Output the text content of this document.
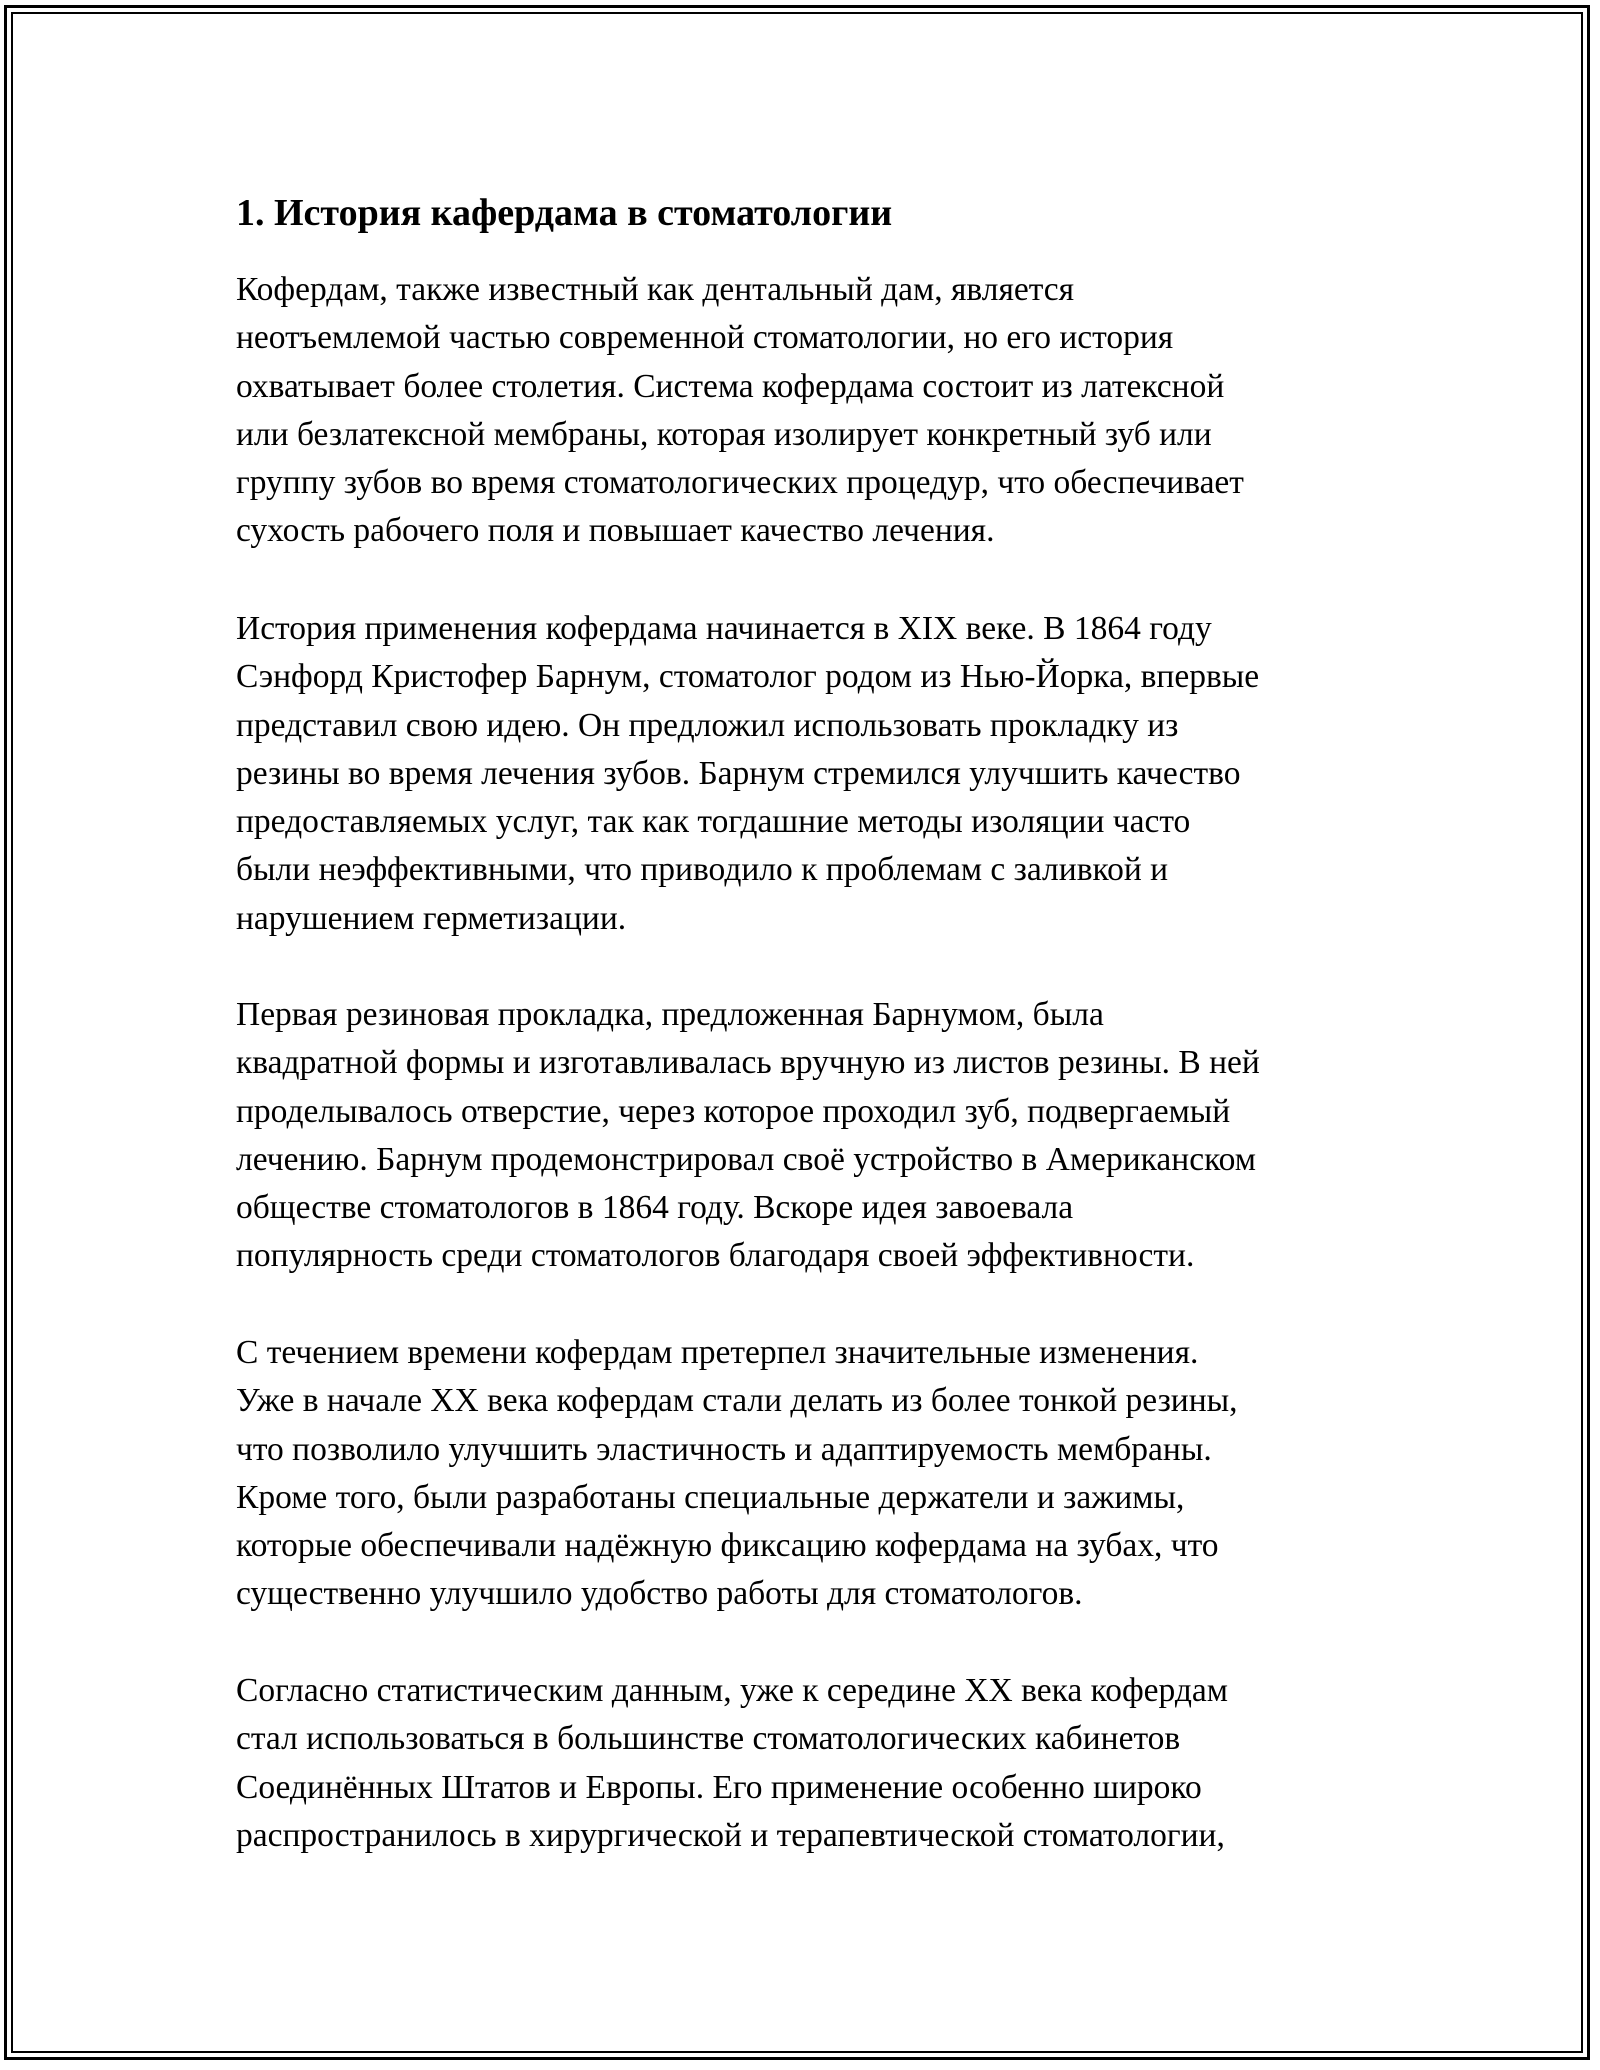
1. История кафердама в стоматологии

Кофердам, также известный как дентальный дам, является
неотъемлемой частью современной стоматологии, но его история
охватывает более столетия. Система кофердама состоит из латексной
или безлатексной мембраны, которая изолирует конкретный зуб или
группу зубов во время стоматологических процедур, что обеспечивает
сухость рабочего поля и повышает качество лечения.

История применения кофердама начинается в XIX веке. В 1864 году
Сэнфорд Кристофер Барнум, стоматолог родом из Нью-Йорка, впервые
представил свою идею. Он предложил использовать прокладку из
резины во время лечения зубов. Барнум стремился улучшить качество
предоставляемых услуг, так как тогдашние методы изоляции часто
были неэффективными, что приводило к проблемам с заливкой и
нарушением герметизации.

Первая резиновая прокладка, предложенная Барнумом, была
квадратной формы и изготавливалась вручную из листов резины. В ней
проделывалось отверстие, через которое проходил зуб, подвергаемый
лечению. Барнум продемонстрировал своё устройство в Американском
обществе стоматологов в 1864 году. Вскоре идея завоевала
популярность среди стоматологов благодаря своей эффективности.

С течением времени кофердам претерпел значительные изменения.
Уже в начале XX века кофердам стали делать из более тонкой резины,
что позволило улучшить эластичность и адаптируемость мембраны.
Кроме того, были разработаны специальные держатели и зажимы,
которые обеспечивали надёжную фиксацию кофердама на зубах, что
существенно улучшило удобство работы для стоматологов.

Согласно статистическим данным, уже к середине XX века кофердам
стал использоваться в большинстве стоматологических кабинетов
Соединённых Штатов и Европы. Его применение особенно широко
распространилось в хирургической и терапевтической стоматологии,
